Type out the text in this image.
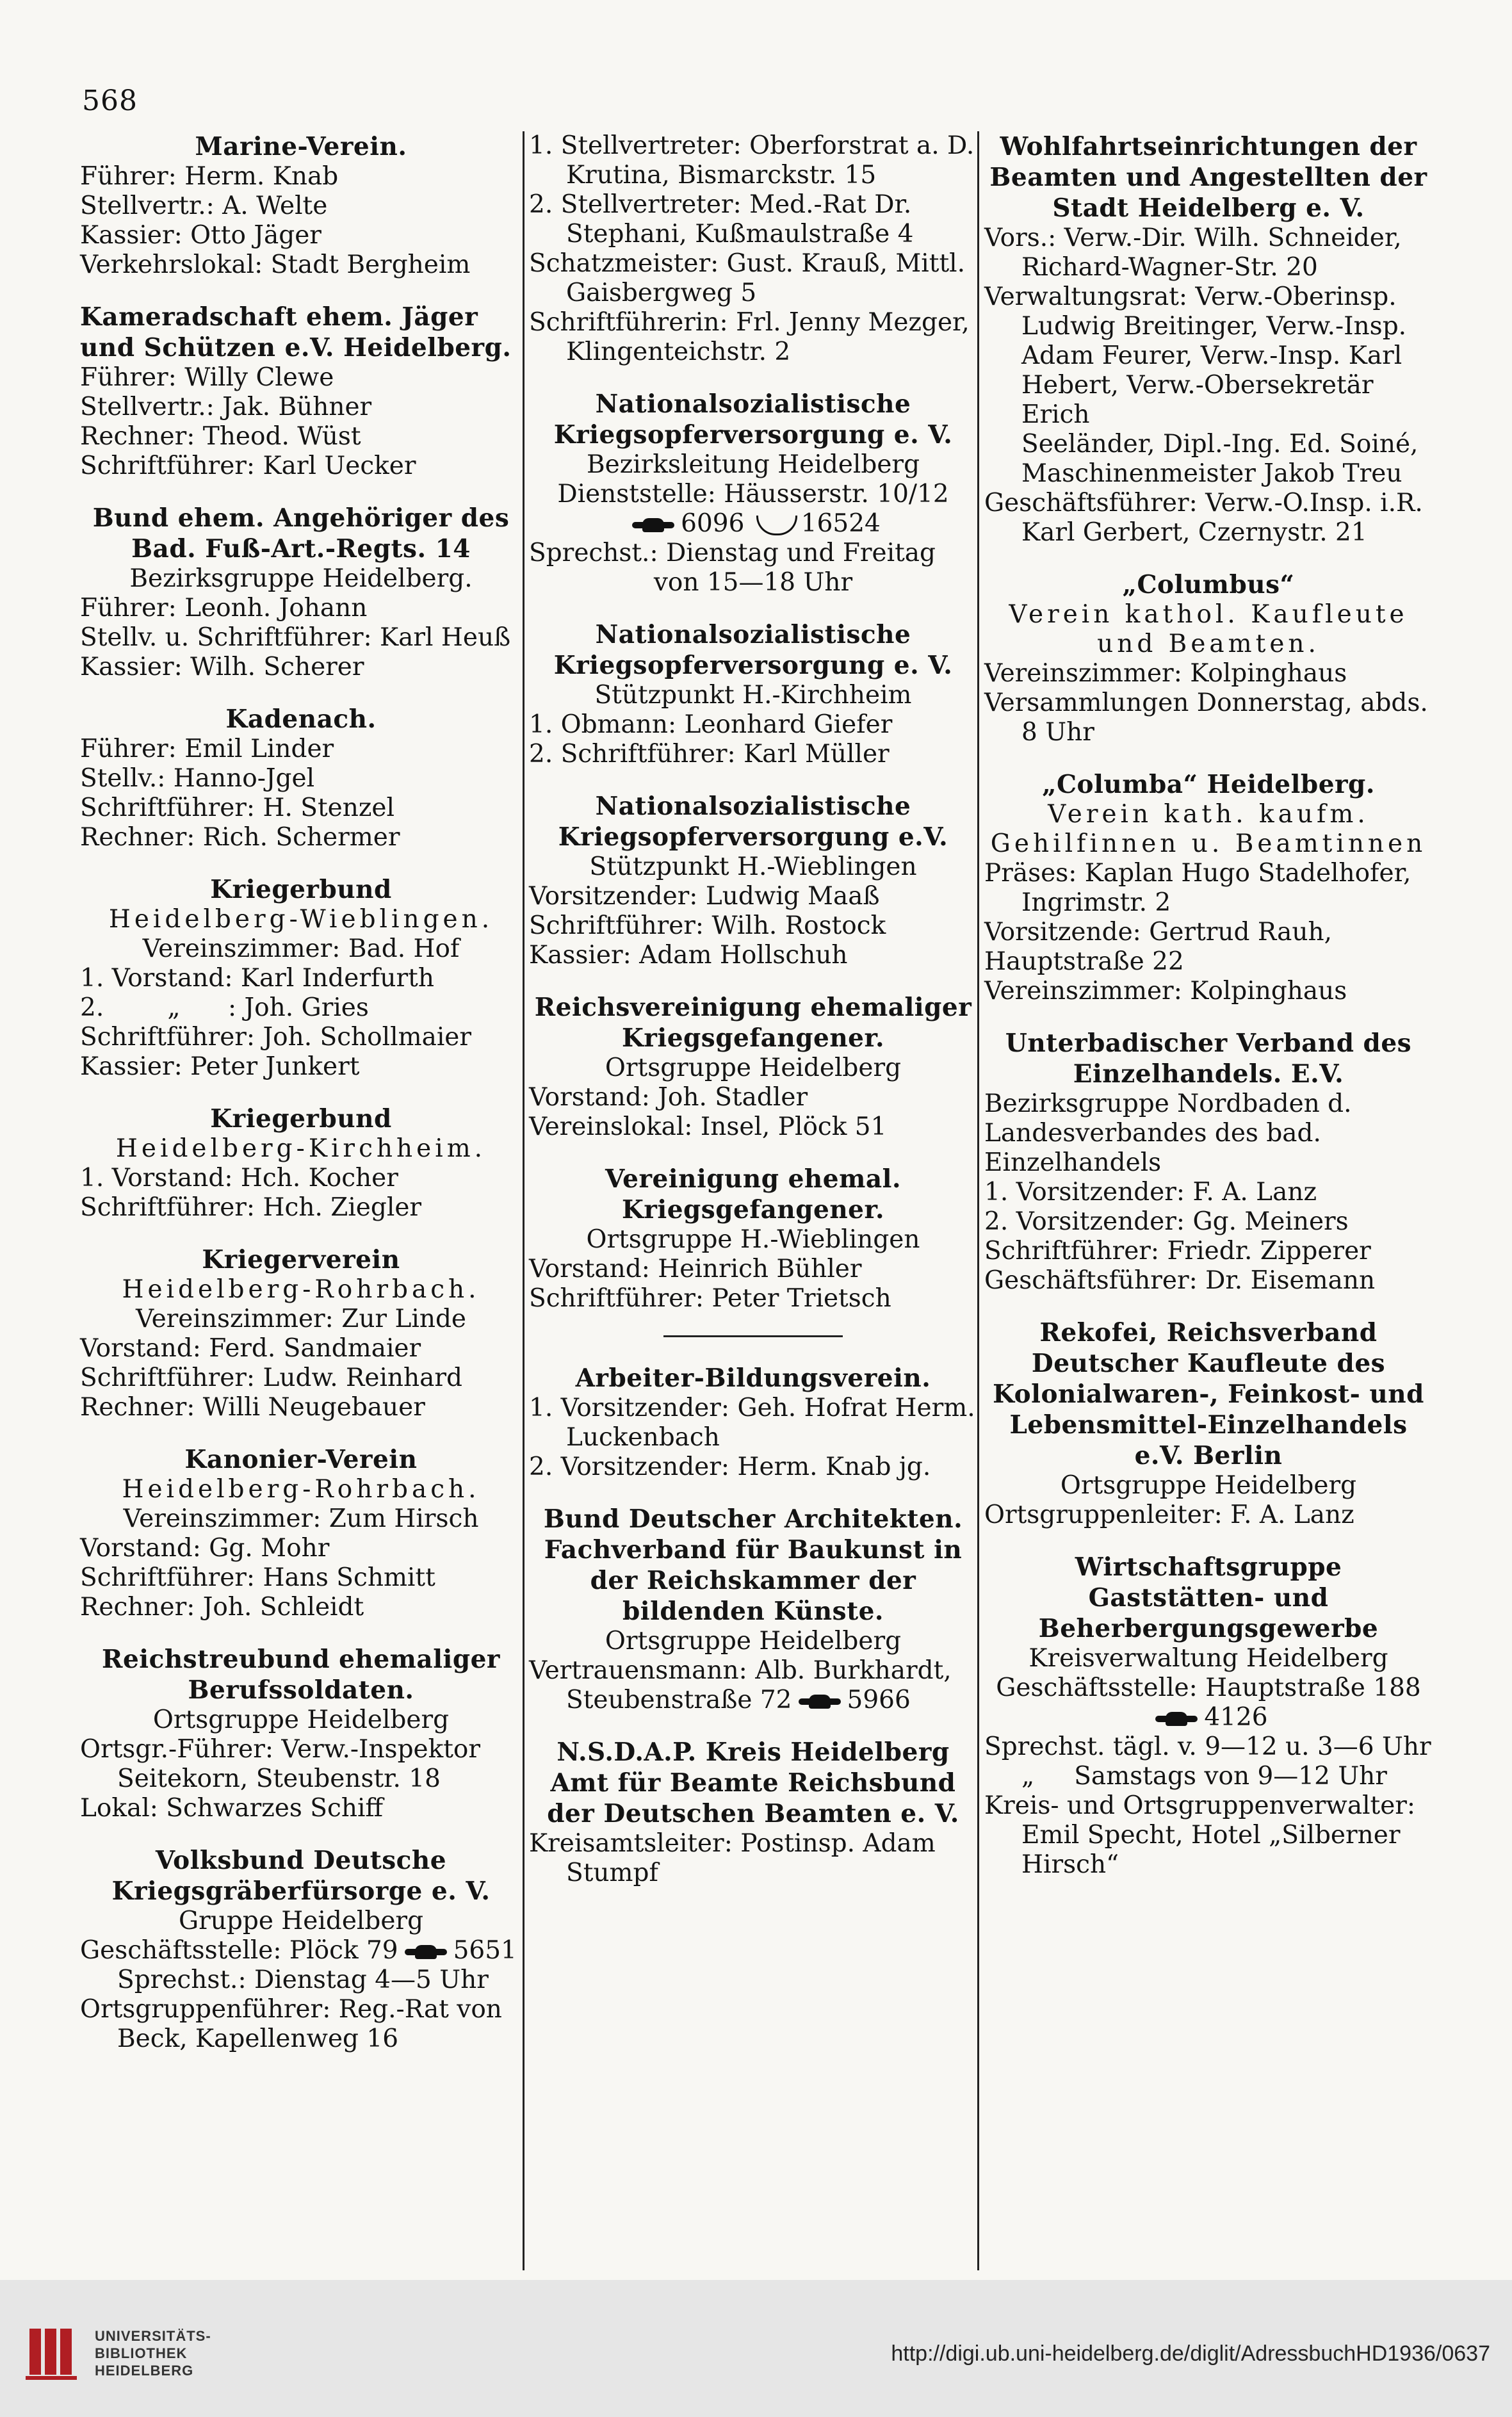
568
Marine-Verein.
Führer: Herm. Knab
Stellvertr.: A. Welte
Kassier: Otto Jäger
Verkehrslokal: Stadt Bergheim
Kameradschaft ehem. Jäger und Schützen e.V. Heidelberg.
Führer: Willy Clewe
Stellvertr.: Jak. Bühner
Rechner: Theod. Wüst
Schriftführer: Karl Uecker
Bund ehem. Angehöriger des Bad. Fuß-Art.-Regts. 14
Bezirksgruppe Heidelberg.
Führer: Leonh. Johann
Stellv. u. Schriftführer: Karl Heuß
Kassier: Wilh. Scherer
Kadenach.
Führer: Emil Linder
Stellv.: Hanno-Jgel
Schriftführer: H. Stenzel
Rechner: Rich. Schermer
Kriegerbund
Heidelberg-Wieblingen.
Vereinszimmer: Bad. Hof
1. Vorstand: Karl Inderfurth
2.        „      : Joh. Gries
Schriftführer: Joh. Schollmaier
Kassier: Peter Junkert
Kriegerbund
Heidelberg-Kirchheim.
1. Vorstand: Hch. Kocher
Schriftführer: Hch. Ziegler
Kriegerverein
Heidelberg-Rohrbach.
Vereinszimmer: Zur Linde
Vorstand: Ferd. Sandmaier
Schriftführer: Ludw. Reinhard
Rechner: Willi Neugebauer
Kanonier-Verein
Heidelberg-Rohrbach.
Vereinszimmer: Zum Hirsch
Vorstand: Gg. Mohr
Schriftführer: Hans Schmitt
Rechner: Joh. Schleidt
Reichstreubund ehemaliger Berufssoldaten.
Ortsgruppe Heidelberg
Ortsgr.-Führer: Verw.-Inspektor
Seitekorn, Steubenstr. 18
Lokal: Schwarzes Schiff
Volksbund Deutsche Kriegsgräberfürsorge e. V.
Gruppe Heidelberg
Geschäftsstelle: Plöck 79 5651
Sprechst.: Dienstag 4—5 Uhr
Ortsgruppenführer: Reg.-Rat von
Beck, Kapellenweg 16
1. Stellvertreter: Oberforstrat a. D.
Krutina, Bismarckstr. 15
2. Stellvertreter: Med.-Rat Dr.
Stephani, Kußmaulstraße 4
Schatzmeister: Gust. Krauß, Mittl.
Gaisbergweg 5
Schriftführerin: Frl. Jenny Mezger,
Klingenteichstr. 2
Nationalsozialistische Kriegsopferversorgung e. V.
Bezirksleitung Heidelberg
Dienststelle: Häusserstr. 10/12
6096 16524
Sprechst.: Dienstag und Freitag
von 15—18 Uhr
Nationalsozialistische Kriegsopferversorgung e. V.
Stützpunkt H.-Kirchheim
1. Obmann: Leonhard Giefer
2. Schriftführer: Karl Müller
Nationalsozialistische Kriegsopferversorgung e.V.
Stützpunkt H.-Wieblingen
Vorsitzender: Ludwig Maaß
Schriftführer: Wilh. Rostock
Kassier: Adam Hollschuh
Reichsvereinigung ehemaliger Kriegsgefangener.
Ortsgruppe Heidelberg
Vorstand: Joh. Stadler
Vereinslokal: Insel, Plöck 51
Vereinigung ehemal. Kriegsgefangener.
Ortsgruppe H.-Wieblingen
Vorstand: Heinrich Bühler
Schriftführer: Peter Trietsch
Arbeiter-Bildungsverein.
1. Vorsitzender: Geh. Hofrat Herm.
Luckenbach
2. Vorsitzender: Herm. Knab jg.
Bund Deutscher Architekten. Fachverband für Baukunst in der Reichskammer der bildenden Künste.
Ortsgruppe Heidelberg
Vertrauensmann: Alb. Burkhardt,
Steubenstraße 72 5966
N.S.D.A.P. Kreis Heidelberg Amt für Beamte Reichsbund der Deutschen Beamten e. V.
Kreisamtsleiter: Postinsp. Adam
Stumpf
Wohlfahrtseinrichtungen der Beamten und Angestellten der Stadt Heidelberg e. V.
Vors.: Verw.-Dir. Wilh. Schneider,
Richard-Wagner-Str. 20
Verwaltungsrat: Verw.-Oberinsp.
Ludwig Breitinger, Verw.-Insp.
Adam Feurer, Verw.-Insp. Karl
Hebert, Verw.-Obersekretär Erich
Seeländer, Dipl.-Ing. Ed. Soiné,
Maschinenmeister Jakob Treu
Geschäftsführer: Verw.-O.Insp. i.R.
Karl Gerbert, Czernystr. 21
„Columbus“
Verein kathol. Kaufleute und Beamten.
Vereinszimmer: Kolpinghaus
Versammlungen Donnerstag, abds.
8 Uhr
„Columba“ Heidelberg.
Verein kath. kaufm. Gehilfinnen u. Beamtinnen
Präses: Kaplan Hugo Stadelhofer,
Ingrimstr. 2
Vorsitzende: Gertrud Rauh, Hauptstraße 22
Vereinszimmer: Kolpinghaus
Unterbadischer Verband des Einzelhandels. E.V.
Bezirksgruppe Nordbaden d. Landesverbandes des bad. Einzelhandels
1. Vorsitzender: F. A. Lanz
2. Vorsitzender: Gg. Meiners
Schriftführer: Friedr. Zipperer
Geschäftsführer: Dr. Eisemann
Rekofei, Reichsverband Deutscher Kaufleute des Kolonialwaren-, Feinkost- und Lebensmittel-Einzelhandels e.V. Berlin
Ortsgruppe Heidelberg
Ortsgruppenleiter: F. A. Lanz
Wirtschaftsgruppe Gaststätten- und Beherbergungsgewerbe
Kreisverwaltung Heidelberg
Geschäftsstelle: Hauptstraße 188
4126
Sprechst. tägl. v. 9—12 u. 3—6 Uhr
„     Samstags von 9—12 Uhr
Kreis- und Ortsgruppenverwalter:
Emil Specht, Hotel „Silberner
Hirsch“
UNIVERSITÄTS-
BIBLIOTHEK
HEIDELBERG
http://digi.ub.uni-heidelberg.de/diglit/AdressbuchHD1936/0637
